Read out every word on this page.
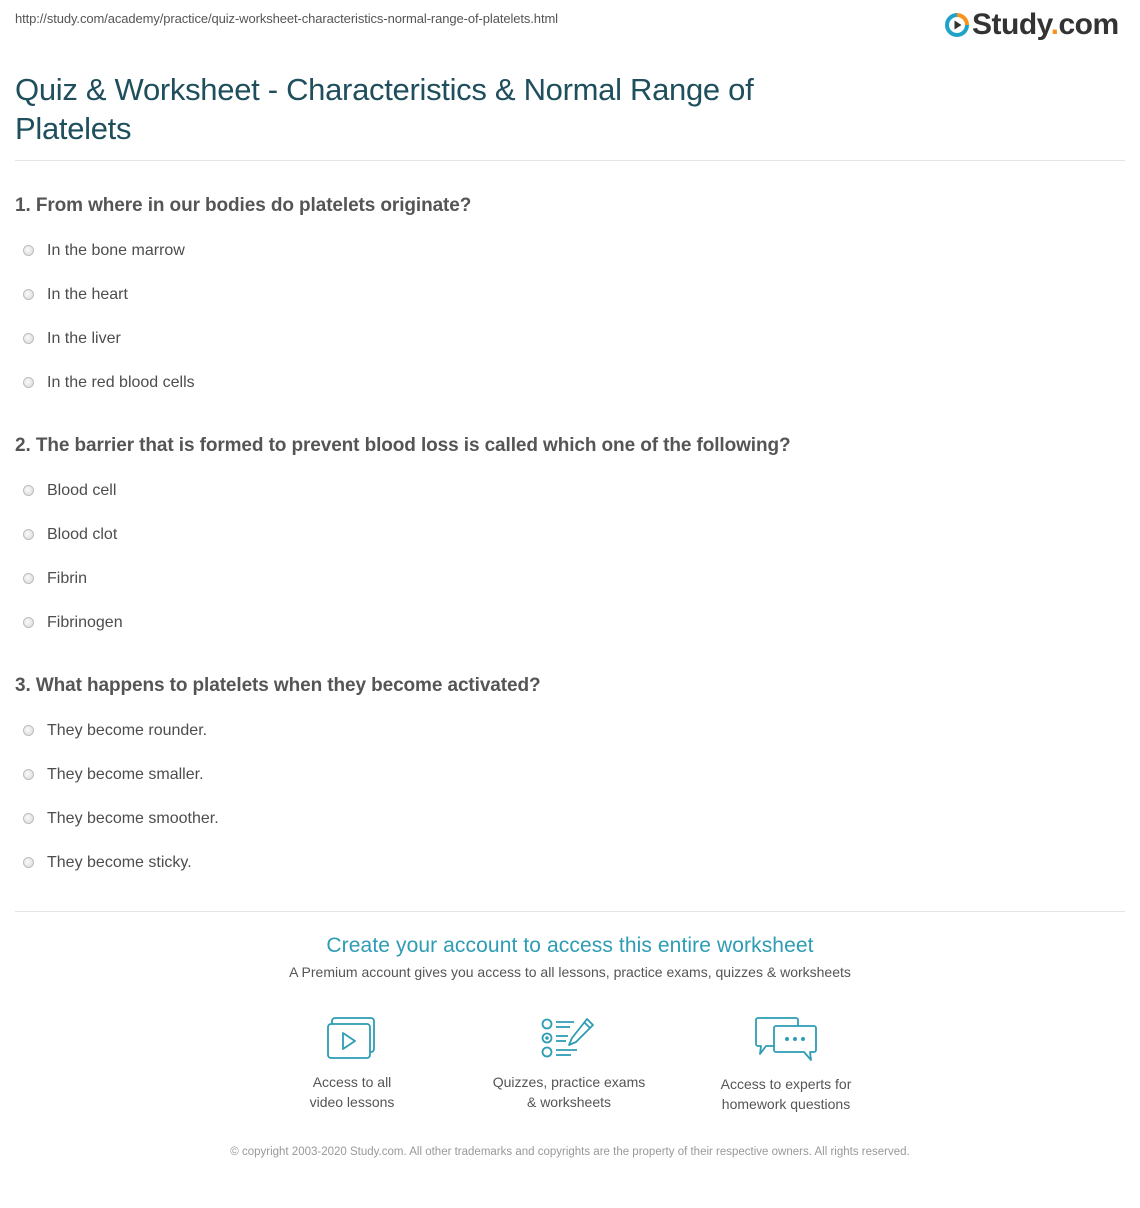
http://study.com/academy/practice/quiz-worksheet-characteristics-normal-range-of-platelets.html	Study.com
Quiz & Worksheet - Characteristics & Normal Range of Platelets

1. From where in our bodies do platelets originate?

In the bone marrow
In the heart
In the liver
In the red blood cells

2. The barrier that is formed to prevent blood loss is called which one of the following?

Blood cell
Blood clot
Fibrin
Fibrinogen

3. What happens to platelets when they become activated?

They become rounder.
They become smaller.
They become smoother.
They become sticky.
Create your account to access this entire worksheet
A Premium account gives you access to all lessons, practice exams, quizzes & worksheets
Access to all
video lessons
Quizzes, practice exams
& worksheets
Access to experts for
homework questions
© copyright 2003-2020 Study.com. All other trademarks and copyrights are the property of their respective owners. All rights reserved.
